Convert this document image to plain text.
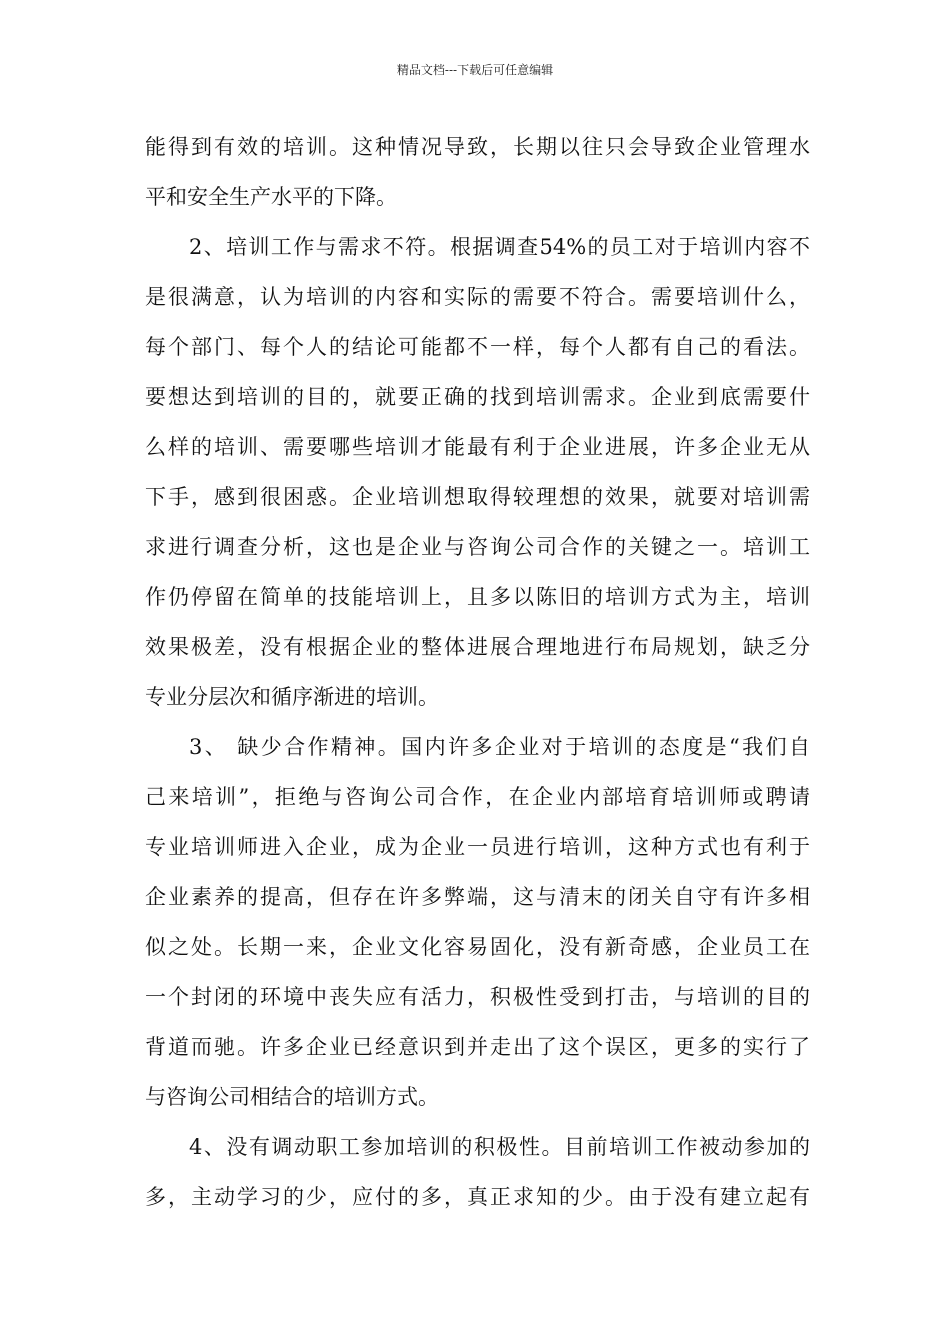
精品文档---下载后可任意编辑
能得到有效的培训。这种情况导致，长期以往只会导致企业管理水
平和安全生产水平的下降。
2、培训工作与需求不符。根据调查54%的员工对于培训内容不
是很满意，认为培训的内容和实际的需要不符合。需要培训什么，
每个部门、每个人的结论可能都不一样，每个人都有自己的看法。
要想达到培训的目的，就要正确的找到培训需求。企业到底需要什
么样的培训、需要哪些培训才能最有利于企业进展，许多企业无从
下手，感到很困惑。企业培训想取得较理想的效果，就要对培训需
求进行调查分析，这也是企业与咨询公司合作的关键之一。培训工
作仍停留在简单的技能培训上，且多以陈旧的培训方式为主，培训
效果极差，没有根据企业的整体进展合理地进行布局规划，缺乏分
专业分层次和循序渐进的培训。
3、 缺少合作精神。国内许多企业对于培训的态度是“我们自
己来培训”，拒绝与咨询公司合作，在企业内部培育培训师或聘请
专业培训师进入企业，成为企业一员进行培训，这种方式也有利于
企业素养的提高，但存在许多弊端，这与清末的闭关自守有许多相
似之处。长期一来，企业文化容易固化，没有新奇感，企业员工在
一个封闭的环境中丧失应有活力，积极性受到打击，与培训的目的
背道而驰。许多企业已经意识到并走出了这个误区，更多的实行了
与咨询公司相结合的培训方式。
4、没有调动职工参加培训的积极性。目前培训工作被动参加的
多，主动学习的少，应付的多，真正求知的少。由于没有建立起有
